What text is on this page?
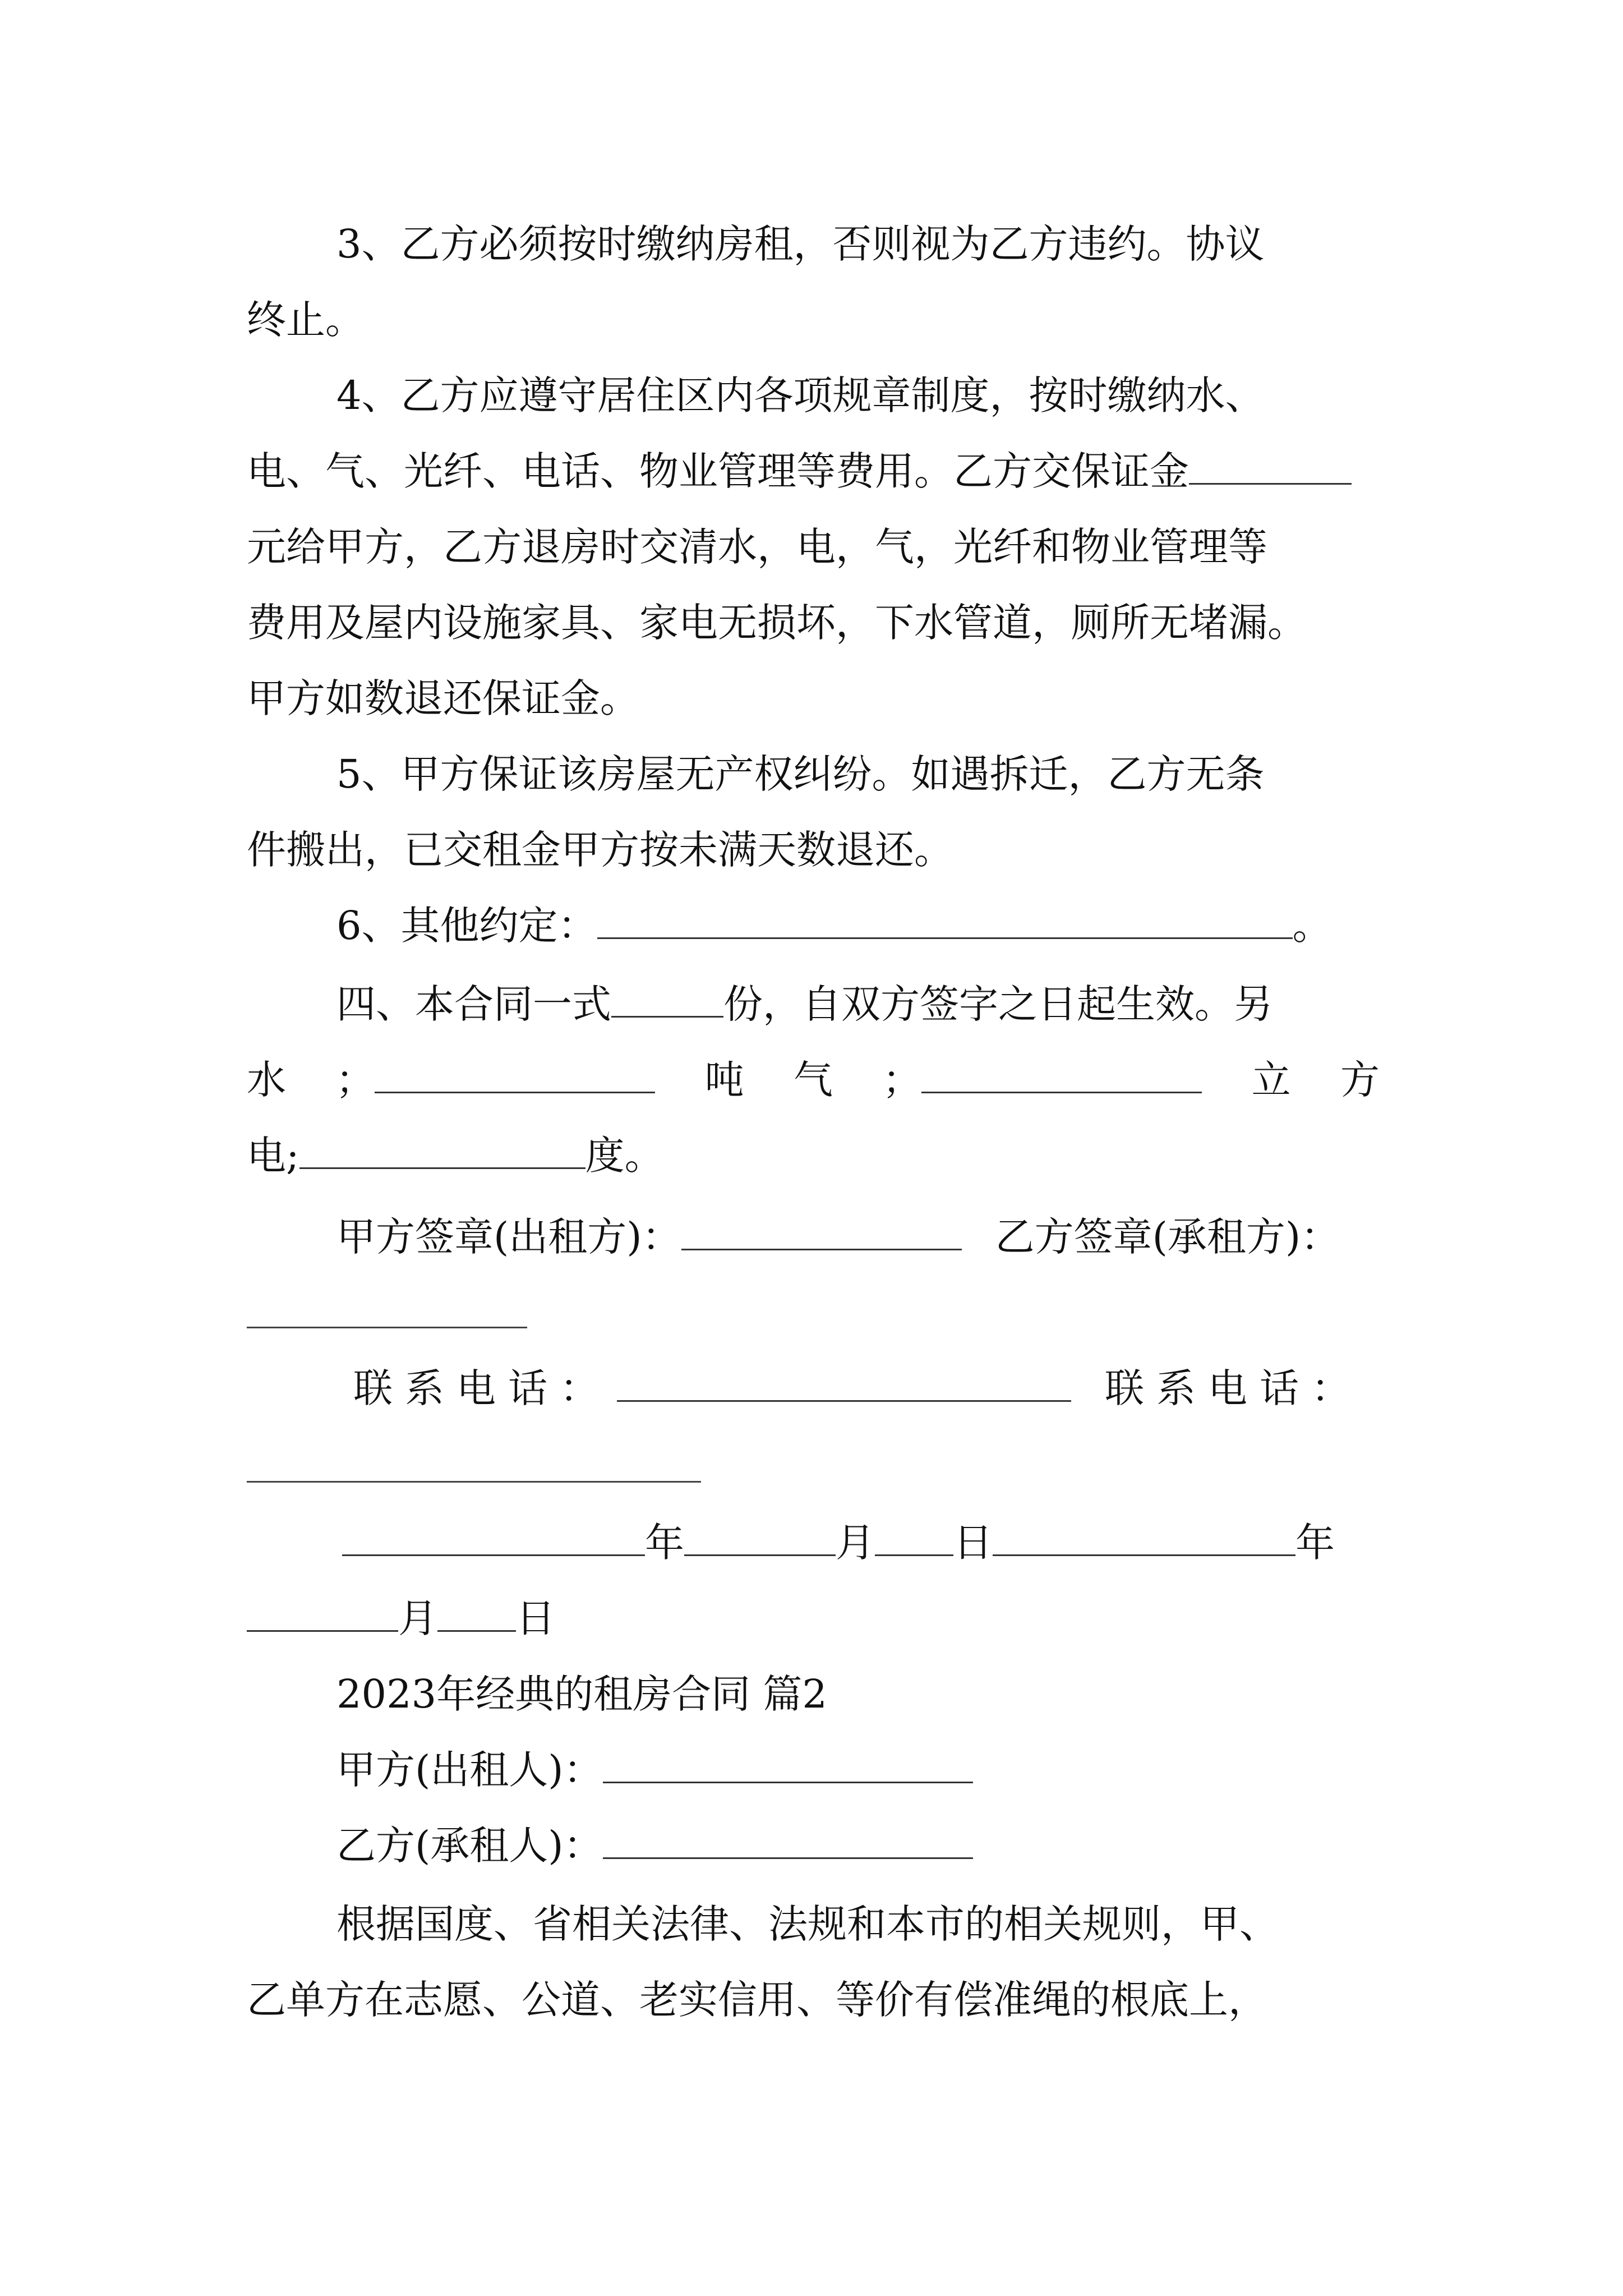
3、乙方必须按时缴纳房租，否则视为乙方违约。协议

终止。

4、乙方应遵守居住区内各项规章制度，按时缴纳水、

电、气、光纤、电话、物业管理等费用。乙方交保证金

元给甲方，乙方退房时交清水，电，气，光纤和物业管理等

费用及屋内设施家具、家电无损坏，下水管道，厕所无堵漏。

甲方如数退还保证金。

5、甲方保证该房屋无产权纠纷。如遇拆迁，乙方无条

件搬出，已交租金甲方按未满天数退还。

6、其他约定：	。

四、本合同一式	份，自双方签字之日起生效。另

水 ；	吨 气 ；	立 方

电;	度。

甲方签章(出租方)：	乙方签章(承租方)：

联系电话：	联系电话：

年	月 日	年

月 日

2023年经典的租房合同 篇2

甲方(出租人)：

乙方(承租人)：

根据国度、省相关法律、法规和本市的相关规则，甲、

乙单方在志愿、公道、老实信用、等价有偿准绳的根底上，
